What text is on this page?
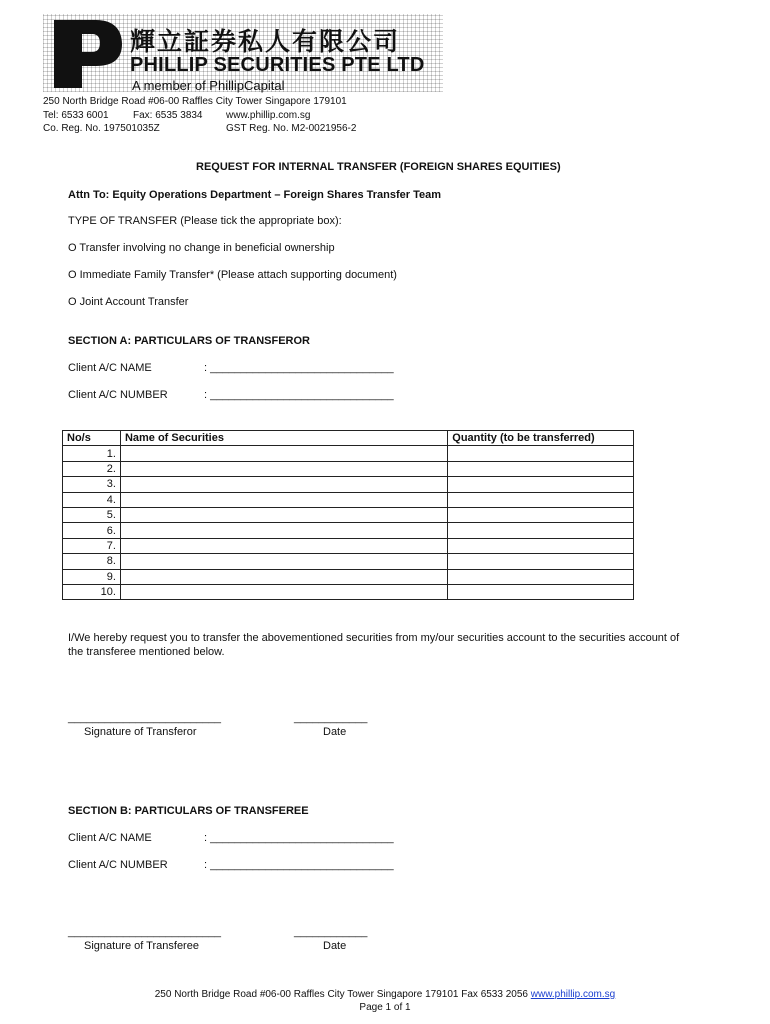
輝立証券私人有限公司
PHILLIP SECURITIES PTE LTD
A member of PhillipCapital
250 North Bridge Road #06-00 Raffles City Tower Singapore 179101
Tel: 6533 6001 Fax: 6535 3834 www.phillip.com.sg
Co. Reg. No. 197501035Z	GST Reg. No. M2-0021956-2
REQUEST FOR INTERNAL TRANSFER (FOREIGN SHARES EQUITIES)
Attn To: Equity Operations Department – Foreign Shares Transfer Team
TYPE OF TRANSFER (Please tick the appropriate box):
O Transfer involving no change in beneficial ownership
O Immediate Family Transfer* (Please attach supporting document)
O Joint Account Transfer
SECTION A: PARTICULARS OF TRANSFEROR
Client A/C NAME	: ______________________________
Client A/C NUMBER	: ______________________________
No/s	Name of Securities	Quantity (to be transferred)
1.		
2.		
3.		
4.		
5.		
6.		
7.		
8.		
9.		
10.		
I/We hereby request you to transfer the abovementioned securities from my/our securities account to the securities account of
the transferee mentioned below.
_________________________	____________
Signature of Transferor	Date
SECTION B: PARTICULARS OF TRANSFEREE
Client A/C NAME	: ______________________________
Client A/C NUMBER	: ______________________________
_________________________	____________
Signature of Transferee	Date
250 North Bridge Road #06-00 Raffles City Tower Singapore 179101 Fax 6533 2056 www.phillip.com.sg
Page 1 of 1
